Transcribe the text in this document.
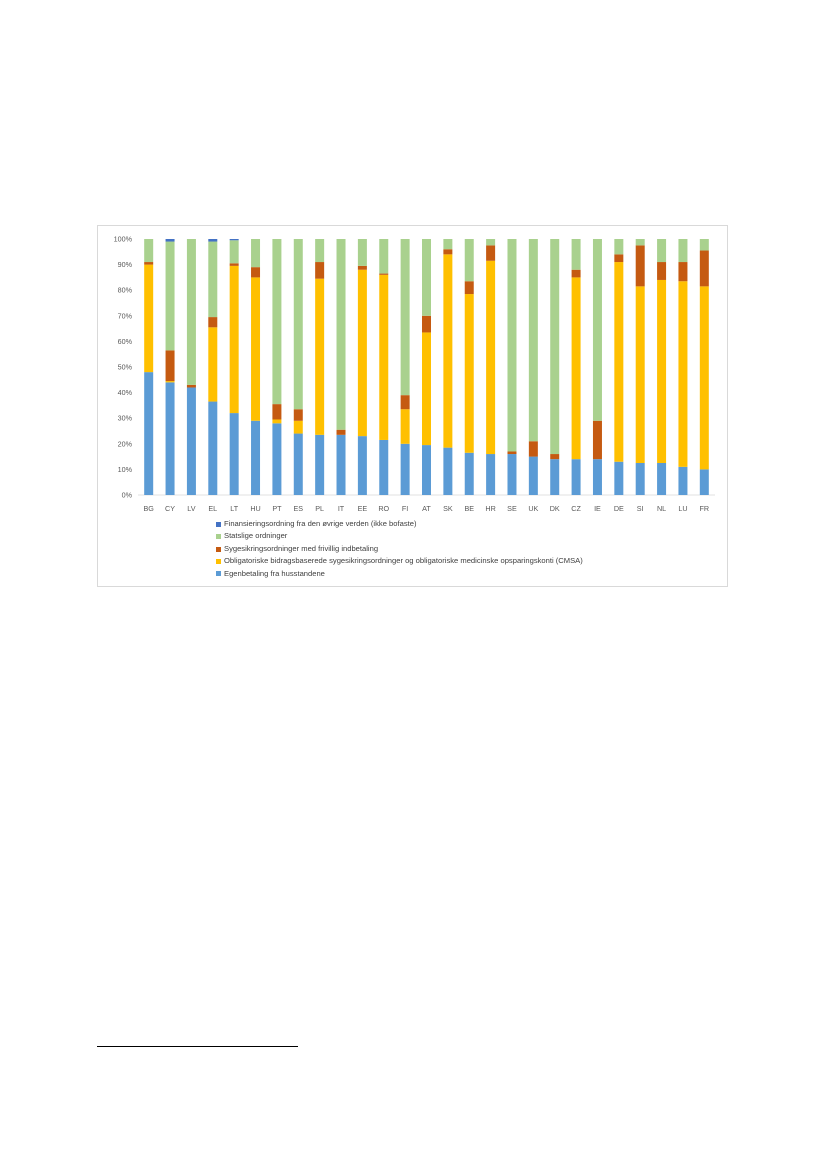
0%
10%
20%
30%
40%
50%
60%
70%
80%
90%
100%
BG CY LV EL LT HU PT ES PL IT EE RO FI AT SK BE HR SE UK DK CZ IE DE SI NL LU FR
Finansieringsordning fra den øvrige verden (ikke bofaste)
Statslige ordninger
Sygesikringsordninger med frivillig indbetaling
Obligatoriske bidragsbaserede sygesikringsordninger og obligatoriske medicinske opsparingskonti (CMSA)
Egenbetaling fra husstandene
